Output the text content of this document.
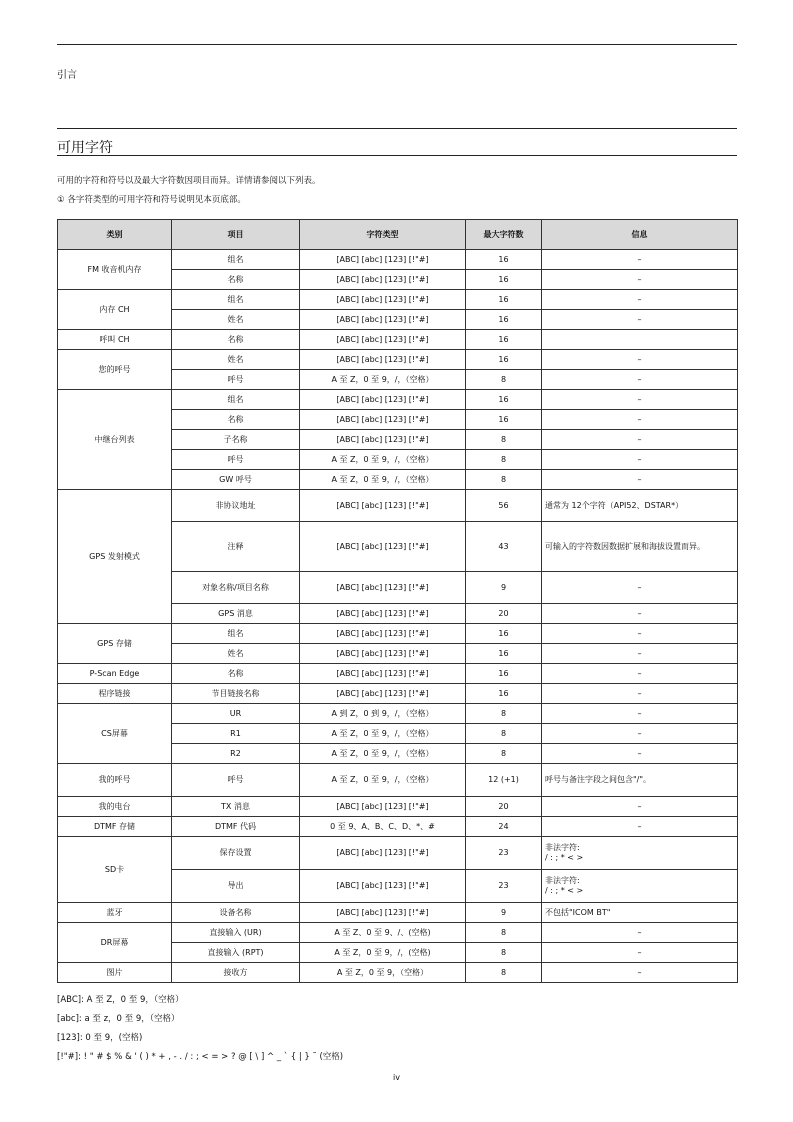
引言
可用字符
可用的字符和符号以及最大字符数因项目而异。详情请参阅以下列表。
① 各字符类型的可用字符和符号说明见本页底部。
类别	项目	字符类型	最大字符数	信息
FM 收音机内存	组名	[ABC] [abc] [123] [!"#]	16	–
	名称	[ABC] [abc] [123] [!"#]	16	–
内存 CH	组名	[ABC] [abc] [123] [!"#]	16	–
	姓名	[ABC] [abc] [123] [!"#]	16	–
呼叫 CH	名称	[ABC] [abc] [123] [!"#]	16	
您的呼号	姓名	[ABC] [abc] [123] [!"#]	16	–
	呼号	A 至 Z，0 至 9，/，（空格）	8	–
中继台列表	组名	[ABC] [abc] [123] [!"#]	16	–
	名称	[ABC] [abc] [123] [!"#]	16	–
	子名称	[ABC] [abc] [123] [!"#]	8	–
	呼号	A 至 Z，0 至 9，/，（空格）	8	–
	GW 呼号	A 至 Z，0 至 9，/，（空格）	8	–
GPS 发射模式	非协议地址	[ABC] [abc] [123] [!"#]	56	通常为 12个字符（API52、DSTAR*）
	注释	[ABC] [abc] [123] [!"#]	43	可输入的字符数因数据扩展和海拔设置而异。
	对象名称/项目名称	[ABC] [abc] [123] [!"#]	9	–
	GPS 消息	[ABC] [abc] [123] [!"#]	20	–
GPS 存储	组名	[ABC] [abc] [123] [!"#]	16	–
	姓名	[ABC] [abc] [123] [!"#]	16	–
P-Scan Edge	名称	[ABC] [abc] [123] [!"#]	16	–
程序链接	节目链接名称	[ABC] [abc] [123] [!"#]	16	–
CS屏幕	UR	A 到 Z，0 到 9，/，（空格）	8	–
	R1	A 至 Z，0 至 9，/，（空格）	8	–
	R2	A 至 Z，0 至 9，/，（空格）	8	–
我的呼号	呼号	A 至 Z，0 至 9，/，（空格）	12 (+1)	呼号与备注字段之间包含"/"。
我的电台	TX 消息	[ABC] [abc] [123] [!"#]	20	–
DTMF 存储	DTMF 代码	0 至 9、A、B、C、D、*、#	24	–
SD卡	保存设置	[ABC] [abc] [123] [!"#]	23	非法字符:
/ : ; * < >

	导出	[ABC] [abc] [123] [!"#]	23	非法字符:
/ : ; * < >

蓝牙	设备名称	[ABC] [abc] [123] [!"#]	9	不包括"ICOM BT"
DR屏幕	直接输入 (UR)	A 至 Z、0 至 9、/、(空格)	8	–
	直接输入 (RPT)	A 至 Z，0 至 9，/，(空格)	8	–
图片	接收方	A 至 Z，0 至 9，（空格）	8	–
[ABC]: A 至 Z，0 至 9，（空格）
[abc]: a 至 z，0 至 9，（空格）
[123]: 0 至 9，(空格)
[!"#]: ! " # $ % & ' ( ) * + , - . / : ; < = > ? @ [ \ ] ^ _ ` { | } ˜ (空格)
iv
